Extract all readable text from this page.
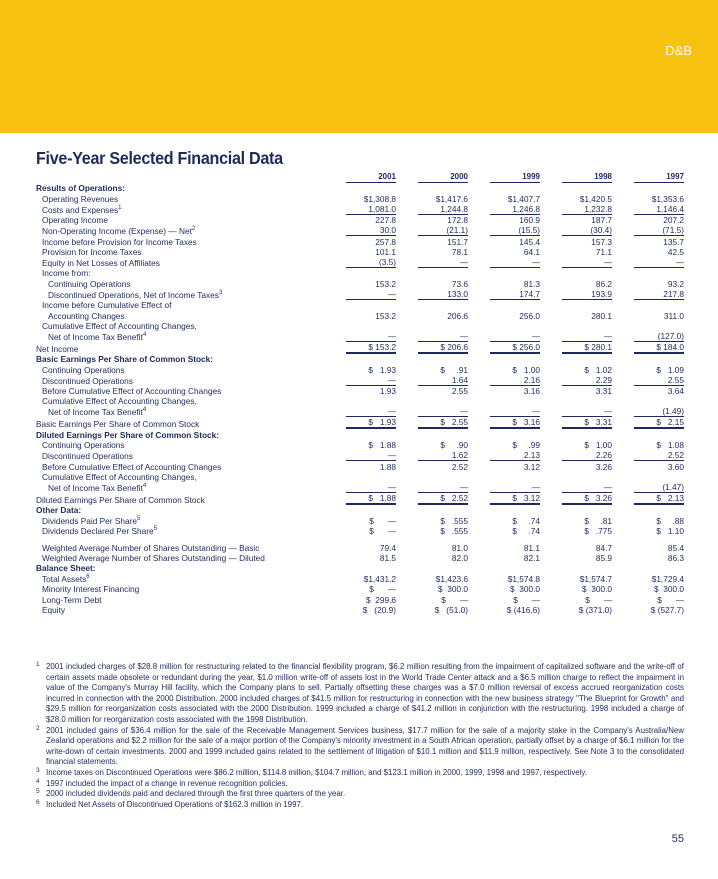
D&B
Five-Year Selected Financial Data
	2001	2000	1999	1998	1997
Results of Operations:					
Operating Revenues	$1,308.8	$1,417.6	$1,407.7	$1,420.5	$1,353.6
Costs and Expenses$^1$	1,081.0	1,244.8	1,246.8	1,232.8	1,146.4
Operating Income	227.8	172.8	160.9	187.7	207.2
Non-Operating Income (Expense) — Net$^2$	30.0	(21.1)	(15.5)	(30.4)	(71.5)
Income before Provision for Income Taxes	257.8	151.7	145.4	157.3	135.7
Provision for Income Taxes	101.1	78.1	64.1	71.1	42.5
Equity in Net Losses of Affiliates	(3.5)	—	—	—	—
Income from:					
Continuing Operations	153.2	73.6	81.3	86.2	93.2
Discontinued Operations, Net of Income Taxes$^3$	—	133.0	174.7	193.9	217.8
Income before Cumulative Effect of					
Accounting Changes	153.2	206.6	256.0	280.1	311.0
Cumulative Effect of Accounting Changes,					
Net of Income Tax Benefit$^4$	—	—	—	—	(127.0)
Net Income	$ 153.2	$ 206.6	$ 256.0	$ 280.1	$ 184.0
Basic Earnings Per Share of Common Stock:					
Continuing Operations	$   1.93	$     .91	$   1.00	$   1.02	$   1.09
Discontinued Operations	—	1.64	2.16	2.29	2.55
Before Cumulative Effect of Accounting Changes	1.93	2.55	3.16	3.31	3.64
Cumulative Effect of Accounting Changes,					
Net of Income Tax Benefit$^4$	—	—	—	—	(1.49)
Basic Earnings Per Share of Common Stock	$   1.93	$   2.55	$   3.16	$   3.31	$   2.15
Diluted Earnings Per Share of Common Stock:					
Continuing Operations	$   1.88	$     .90	$     .99	$   1.00	$   1.08
Discontinued Operations	—	1.62	2.13	2.26	2.52
Before Cumulative Effect of Accounting Changes	1.88	2.52	3.12	3.26	3.60
Cumulative Effect of Accounting Changes,					
Net of Income Tax Benefit$^4$	—	—	—	—	(1.47)
Diluted Earnings Per Share of Common Stock	$   1.88	$   2.52	$   3.12	$   3.26	$   2.13
Other Data:					
Dividends Paid Per Share$^5$	$      —	$   .555	$     .74	$     .81	$     .88
Dividends Declared Per Share$^5$	$      —	$   .555	$     .74	$   .775	$   1.10

Weighted Average Number of Shares Outstanding — Basic	79.4	81.0	81.1	84.7	85.4
Weighted Average Number of Shares Outstanding — Diluted	81.5	82.0	82.1	85.9	86.3
Balance Sheet:					
Total Assets$^6$	$1,431.2	$1,423.6	$1,574.8	$1,574.7	$1,729.4
Minority Interest Financing	$      —	$  300.0	$  300.0	$  300.0	$  300.0
Long-Term Debt	$  299.6	$      —	$      —	$      —	$      —
Equity	$   (20.9)	$   (51.0)	$ (416.6)	$ (371.0)	$ (527.7)

1 2001 included charges of $28.8 million for restructuring related to the financial flexibility program, $6.2 million resulting from the impairment of capitalized software and the write-off of certain assets made obsolete or redundant during the year, $1.0 million write-off of assets lost in the World Trade Center attack and a $6.5 million charge to reflect the impairment in value of the Company's Murray Hill facility, which the Company plans to sell. Partially offsetting these charges was a $7.0 million reversal of excess accrued reorganization costs incurred in connection with the 2000 Distribution. 2000 included charges of $41.5 million for restructuring in connection with the new business strategy "The Blueprint for Growth" and $29.5 million for reorganization costs associated with the 2000 Distribution. 1999 included a charge of $41.2 million in conjunction with the restructuring. 1998 included a charge of $28.0 million for reorganization costs associated with the 1998 Distribution.

2 2001 included gains of $36.4 million for the sale of the Receivable Management Services business, $17.7 million for the sale of a majority stake in the Company's Australia/New Zealand operations and $2.2 million for the sale of a major portion of the Company's minority investment in a South African operation, partially offset by a charge of $6.1 million for the write-down of certain investments. 2000 and 1999 included gains related to the settlement of litigation of $10.1 million and $11.9 million, respectively. See Note 3 to the consolidated financial statements.

3 Income taxes on Discontinued Operations were $86.2 million, $114.8 million, $104.7 million, and $123.1 million in 2000, 1999, 1998 and 1997, respectively.

4 1997 included the impact of a change in revenue recognition policies.

5 2000 included dividends paid and declared through the first three quarters of the year.

6 Included Net Assets of Discontinued Operations of $162.3 million in 1997.

55
